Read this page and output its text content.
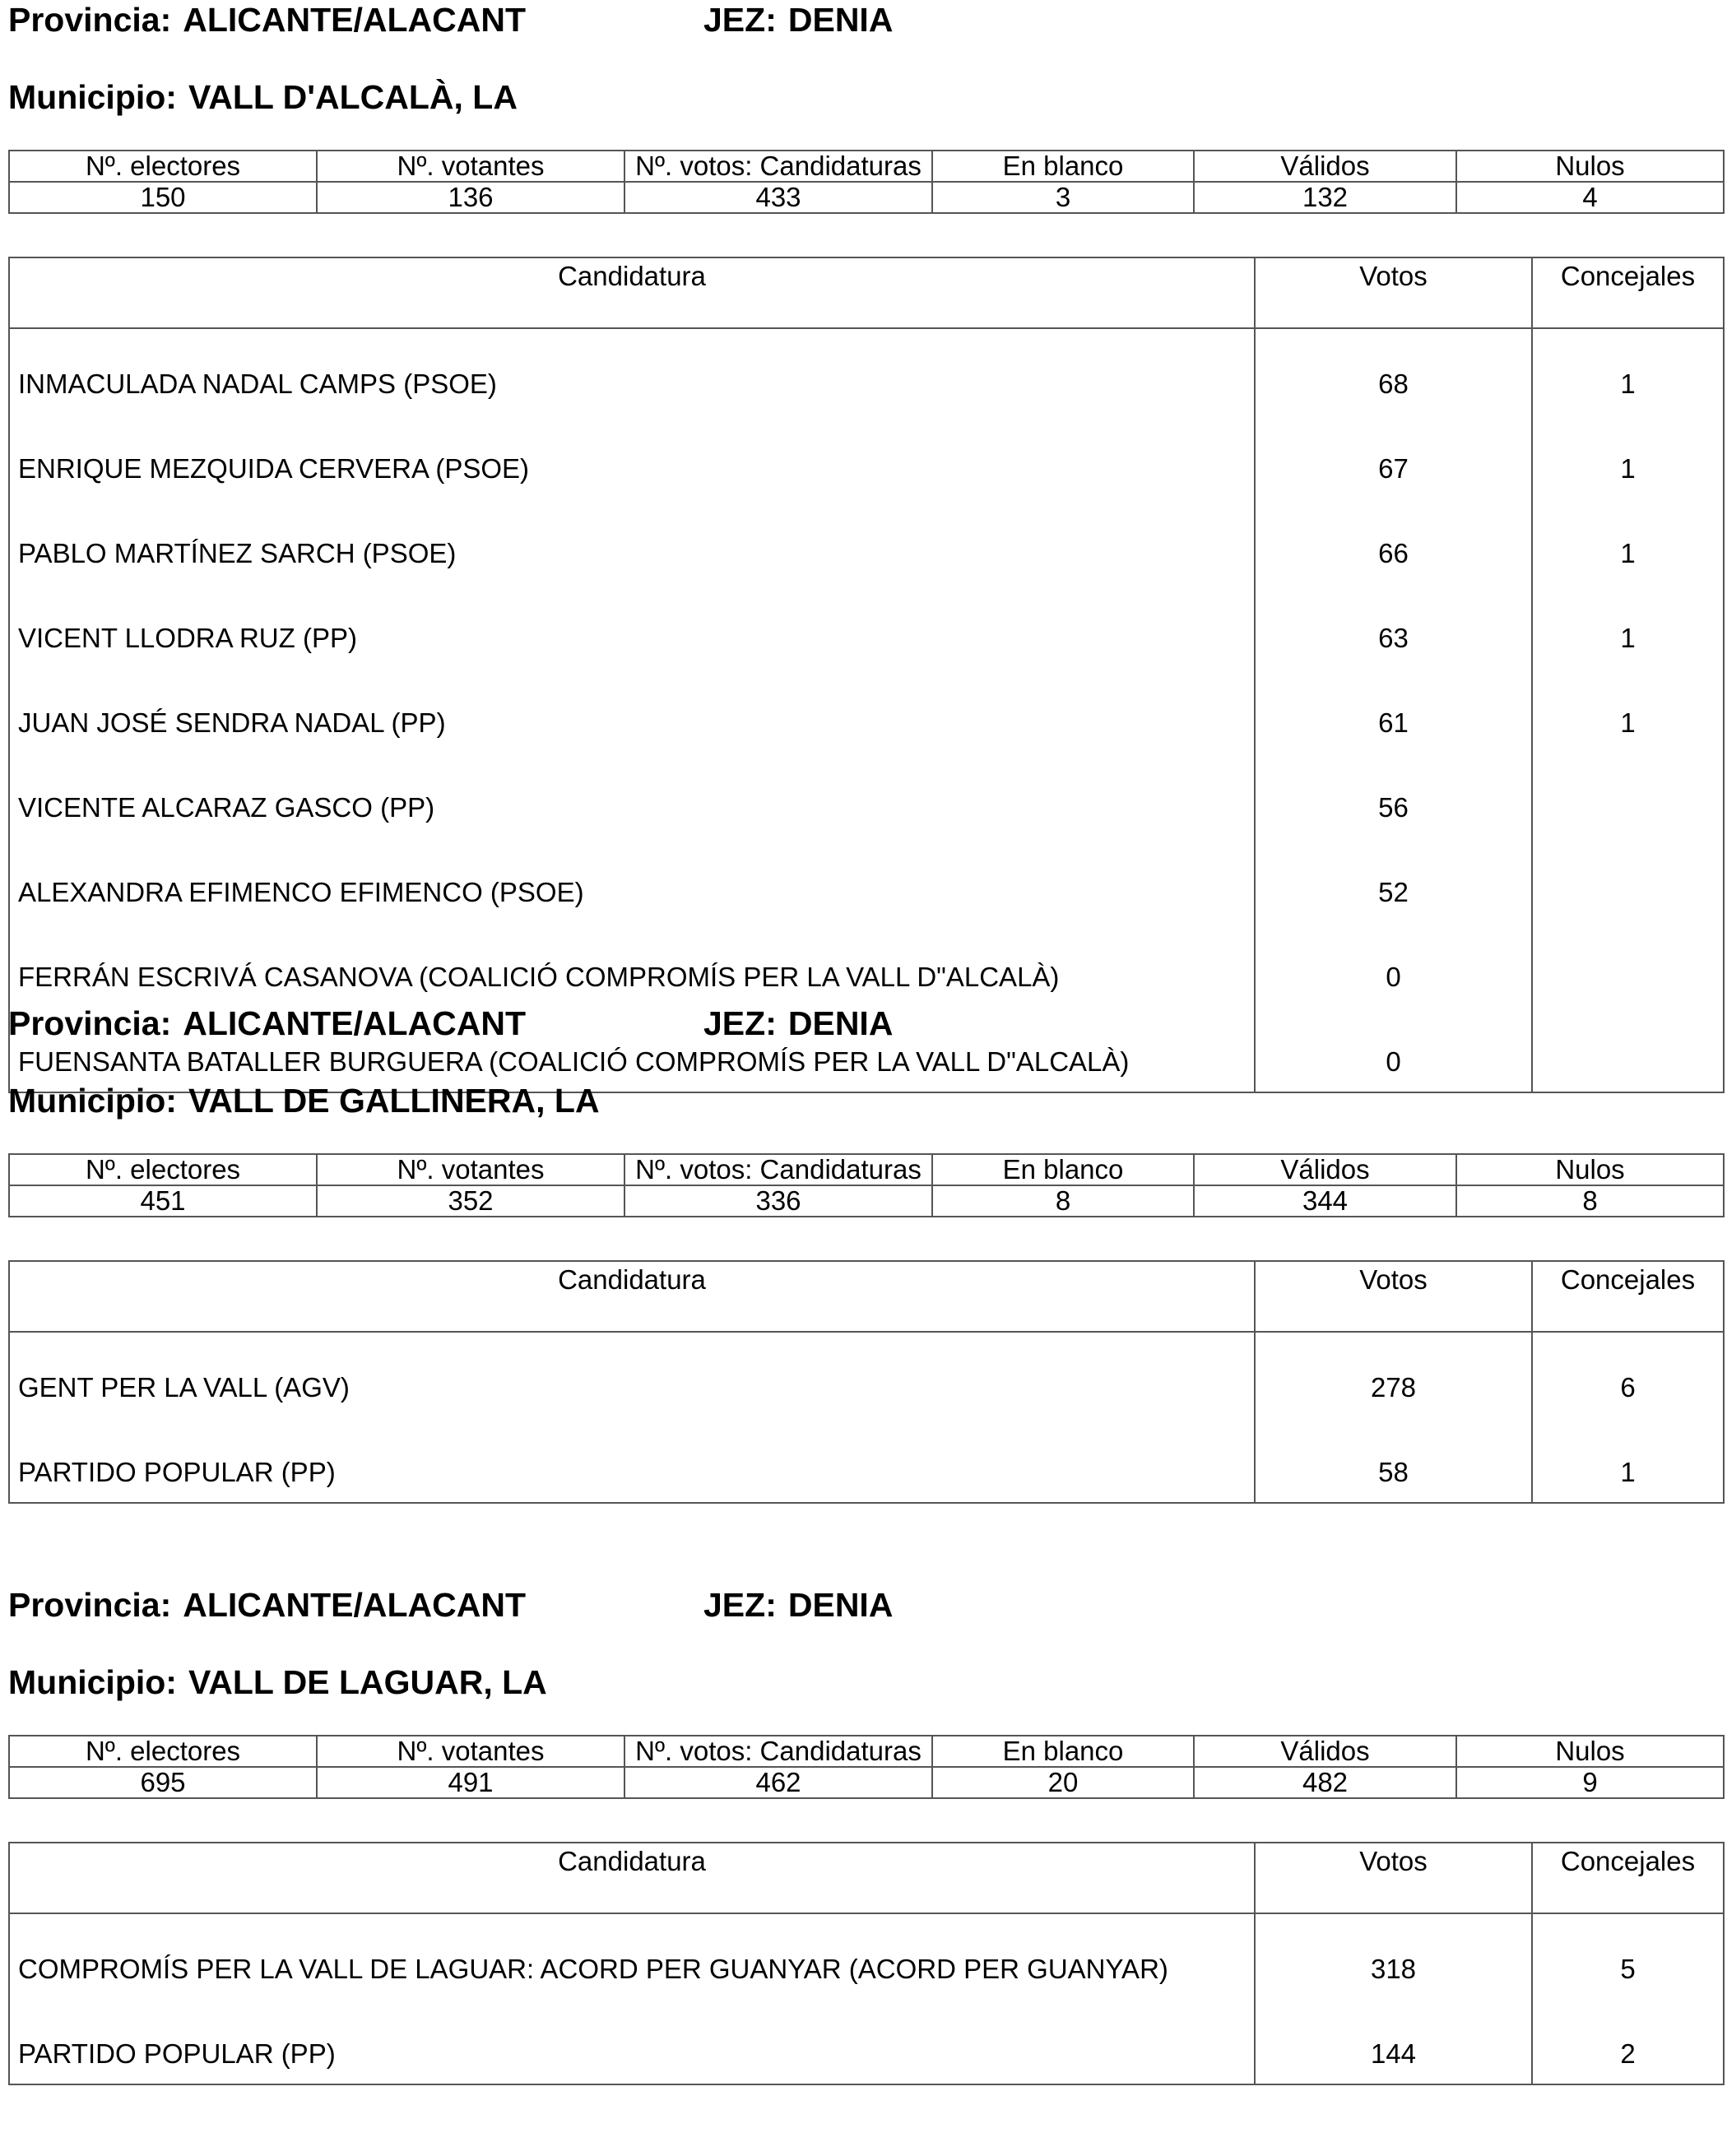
Provincia: ALICANTE/ALACANT	JEZ: DENIA
Municipio: VALL D'ALCALÀ, LA
Nº. electores	Nº. votantes	Nº. votos: Candidaturas	En blanco	Válidos	Nulos
150	136	433	3	132	4
Candidatura	Votos	Concejales
INMACULADA NADAL CAMPS (PSOE)	68	1
ENRIQUE MEZQUIDA CERVERA (PSOE)	67	1
PABLO MARTÍNEZ SARCH (PSOE)	66	1
VICENT LLODRA RUZ (PP)	63	1
JUAN JOSÉ SENDRA NADAL (PP)	61	1
VICENTE ALCARAZ GASCO (PP)	56	
ALEXANDRA EFIMENCO EFIMENCO (PSOE)	52	
FERRÁN ESCRIVÁ CASANOVA (COALICIÓ COMPROMÍS PER LA VALL D"ALCALÀ)	0	
FUENSANTA BATALLER BURGUERA (COALICIÓ COMPROMÍS PER LA VALL D"ALCALÀ)	0	
Provincia: ALICANTE/ALACANT	JEZ: DENIA
Municipio: VALL DE GALLINERA, LA
Nº. electores	Nº. votantes	Nº. votos: Candidaturas	En blanco	Válidos	Nulos
451	352	336	8	344	8
Candidatura	Votos	Concejales
GENT PER LA VALL (AGV)	278	6
PARTIDO POPULAR (PP)	58	1
Provincia: ALICANTE/ALACANT	JEZ: DENIA
Municipio: VALL DE LAGUAR, LA
Nº. electores	Nº. votantes	Nº. votos: Candidaturas	En blanco	Válidos	Nulos
695	491	462	20	482	9
Candidatura	Votos	Concejales
COMPROMÍS PER LA VALL DE LAGUAR: ACORD PER GUANYAR (ACORD PER GUANYAR)	318	5
PARTIDO POPULAR (PP)	144	2
